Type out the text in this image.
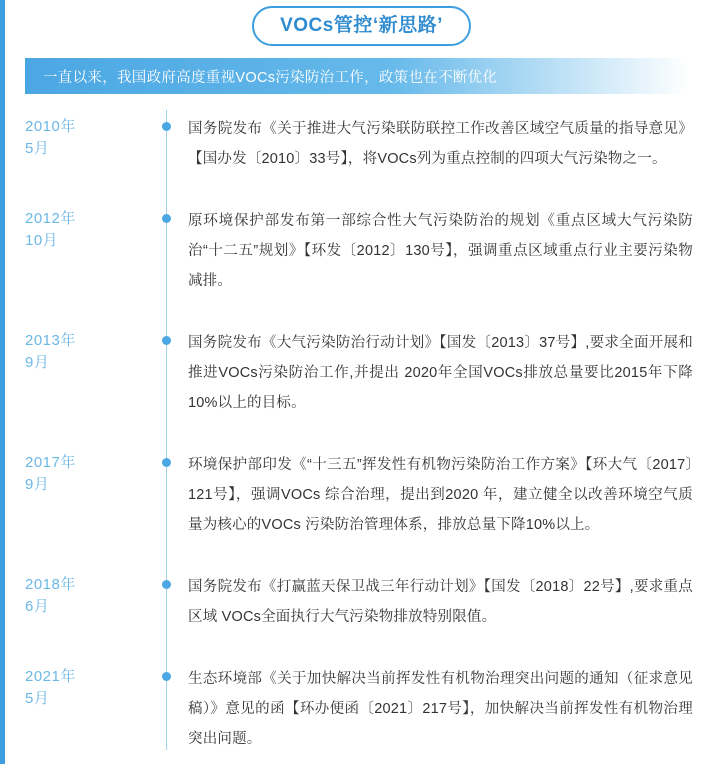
VOCs管控‘新思路’
一直以来，我国政府高度重视VOCs污染防治工作，政策也在不断优化
2010年
5月
国务院发布《关于推进大气污染联防联控工作改善区域空气质量的指导意见》【国办发〔2010〕33号】，将VOCs列为重点控制的四项大气污染物之一。
2012年
10月
原环境保护部发布第一部综合性大气污染防治的规划《重点区域大气污染防治“十二五”规划》【环发〔2012〕130号】，强调重点区域重点行业主要污染物减排。
2013年
9月
国务院发布《大气污染防治行动计划》【国发〔2013〕37号】,要求全面开展和推进VOCs污染防治工作,并提出 2020年全国VOCs排放总量要比2015年下降10%以上的目标。
2017年
9月
环境保护部印发《“十三五”挥发性有机物污染防治工作方案》【环大气〔2017〕121号】，强调VOCs 综合治理，提出到2020 年，建立健全以改善环境空气质量为核心的VOCs 污染防治管理体系，排放总量下降10%以上。
2018年
6月
国务院发布《打赢蓝天保卫战三年行动计划》【国发〔2018〕22号】,要求重点区域 VOCs全面执行大气污染物排放特别限值。
2021年
5月
生态环境部《关于加快解决当前挥发性有机物治理突出问题的通知（征求意见稿）》意见的函【环办便函〔2021〕217号】，加快解决当前挥发性有机物治理突出问题。
